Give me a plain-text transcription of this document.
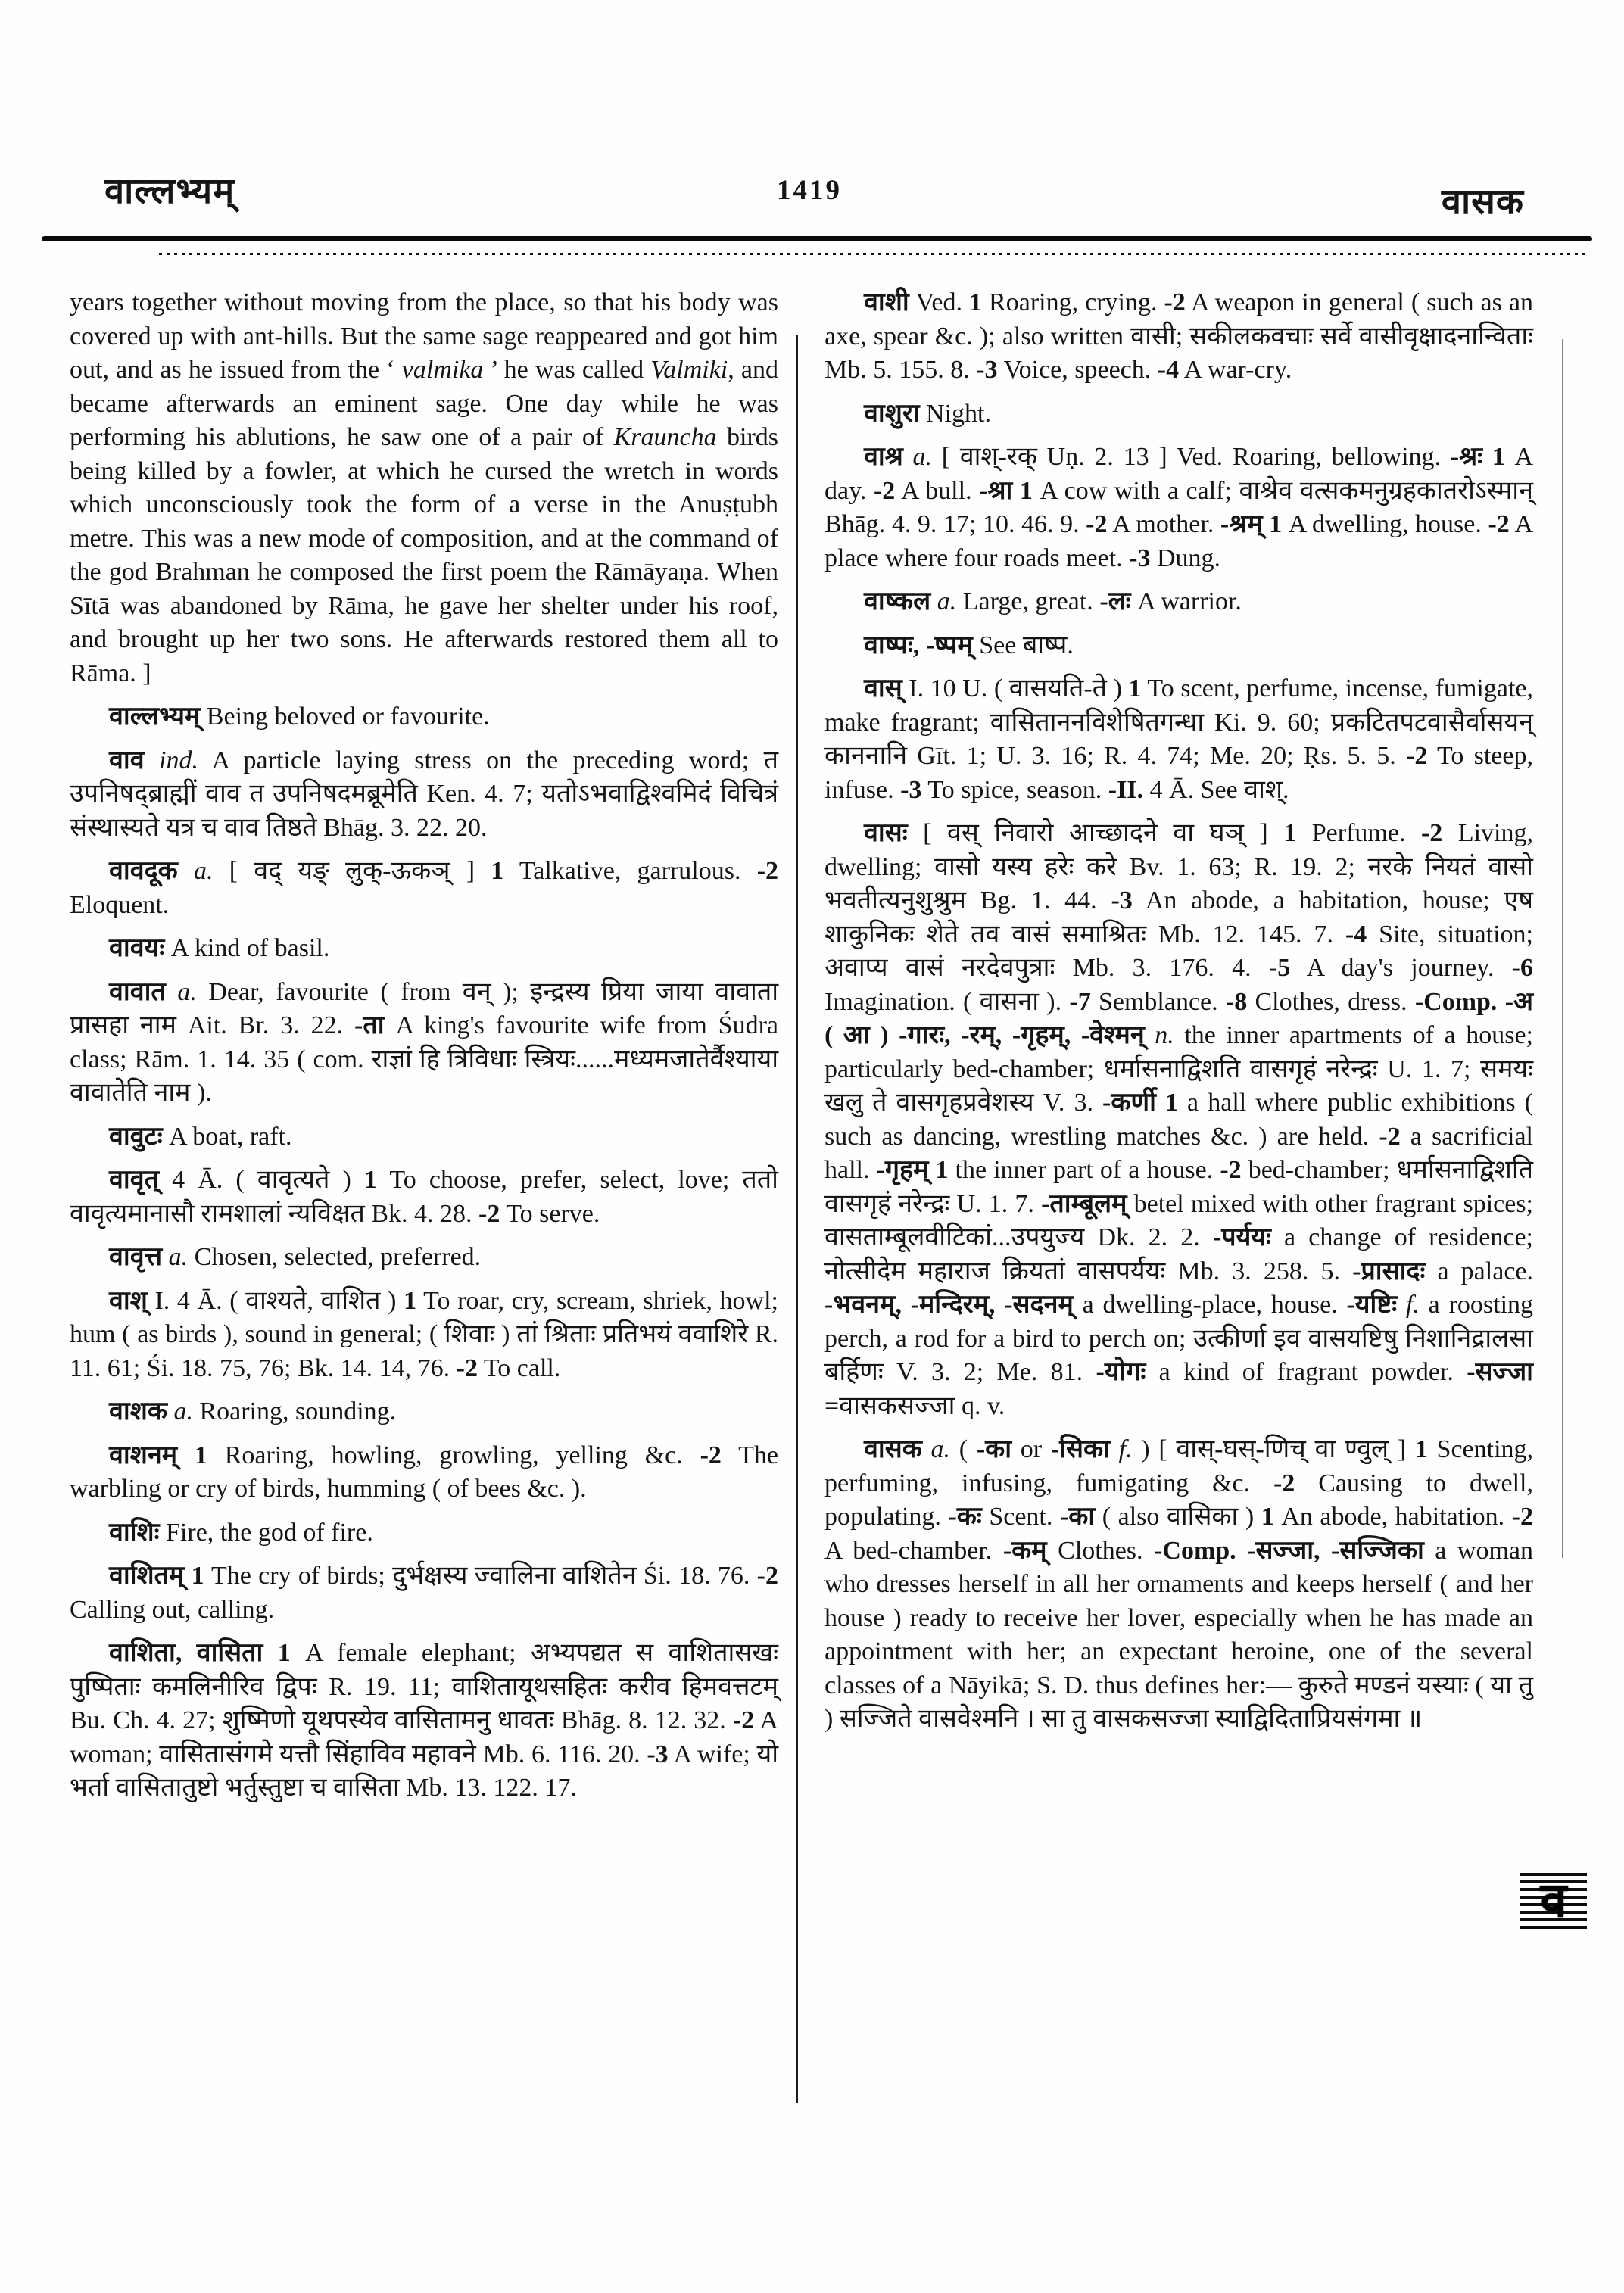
वाल्लभ्यम्	1419	वासक

years together without moving from the place, so that his body was covered up with ant-hills. But the same sage reappeared and got him out, and as he issued from the ‘ valmika ’ he was called Valmiki, and became afterwards an eminent sage. One day while he was performing his ablutions, he saw one of a pair of Krauncha birds being killed by a fowler, at which he cursed the wretch in words which unconsciously took the form of a verse in the Anuṣṭubh metre. This was a new mode of composition, and at the command of the god Brahman he composed the first poem the Rāmāyaṇa. When Sītā was abandoned by Rāma, he gave her shelter under his roof, and brought up her two sons. He afterwards restored them all to Rāma. ]

वाल्लभ्यम् Being beloved or favourite.

वाव ind. A particle laying stress on the preceding word; त उपनिषद्ब्राह्मीं वाव त उपनिषदमब्रूमेति Ken. 4. 7; यतोऽभवाद्विश्वमिदं विचित्रं संस्थास्यते यत्र च वाव तिष्ठते Bhāg. 3. 22. 20.

वावदूक a. [ वद् यङ् लुक्-ऊकञ् ] 1 Talkative, garrulous. -2 Eloquent.

वावयः A kind of basil.

वावात a. Dear, favourite ( from वन् ); इन्द्रस्य प्रिया जाया वावाता प्रासहा नाम Ait. Br. 3. 22. -ता A king's favourite wife from Śudra class; Rām. 1. 14. 35 ( com. राज्ञां हि त्रिविधाः स्त्रियः......मध्यमजातेर्वैश्याया वावातेति नाम ).

वावुटः A boat, raft.

वावृत् 4 Ā. ( वावृत्यते ) 1 To choose, prefer, select, love; ततो वावृत्यमानासौ रामशालां न्यविक्षत Bk. 4. 28. -2 To serve.

वावृत्त a. Chosen, selected, preferred.

वाश् I. 4 Ā. ( वाश्यते, वाशित ) 1 To roar, cry, scream, shriek, howl; hum ( as birds ), sound in general; ( शिवाः ) तां श्रिताः प्रतिभयं ववाशिरे R. 11. 61; Śi. 18. 75, 76; Bk. 14. 14, 76. -2 To call.

वाशक a. Roaring, sounding.

वाशनम् 1 Roaring, howling, growling, yelling &c. -2 The warbling or cry of birds, humming ( of bees &c. ).

वाशिः Fire, the god of fire.

वाशितम् 1 The cry of birds; दुर्भक्षस्य ज्वालिना वाशितेन Śi. 18. 76. -2 Calling out, calling.

वाशिता, वासिता 1 A female elephant; अभ्यपद्यत स वाशितासखः पुष्पिताः कमलिनीरिव द्विपः R. 19. 11; वाशितायूथसहितः करीव हिमवत्तटम् Bu. Ch. 4. 27; शुष्मिणो यूथपस्येव वासितामनु धावतः Bhāg. 8. 12. 32. -2 A woman; वासितासंगमे यत्तौ सिंहाविव महावने Mb. 6. 116. 20. -3 A wife; यो भर्ता वासितातुष्टो भर्तुस्तुष्टा च वासिता Mb. 13. 122. 17.

वाशी Ved. 1 Roaring, crying. -2 A weapon in general ( such as an axe, spear &c. ); also written वासी; सकीलकवचाः सर्वे वासीवृक्षादनान्विताः Mb. 5. 155. 8. -3 Voice, speech. -4 A war-cry.

वाशुरा Night.

वाश्र a. [ वाश्-रक् Uṇ. 2. 13 ] Ved. Roaring, bellowing. -श्रः 1 A day. -2 A bull. -श्रा 1 A cow with a calf; वाश्रेव वत्सकमनुग्रहकातरोऽस्मान् Bhāg. 4. 9. 17; 10. 46. 9. -2 A mother. -श्रम् 1 A dwelling, house. -2 A place where four roads meet. -3 Dung.

वाष्कल a. Large, great. -लः A warrior.

वाष्पः, -ष्पम् See बाष्प.

वास् I. 10 U. ( वासयति-ते ) 1 To scent, perfume, incense, fumigate, make fragrant; वासिताननविशेषितगन्धा Ki. 9. 60; प्रकटितपटवासैर्वासयन् काननानि Gīt. 1; U. 3. 16; R. 4. 74; Me. 20; Ṛs. 5. 5. -2 To steep, infuse. -3 To spice, season. -II. 4 Ā. See वाश्.

वासः [ वस् निवारो आच्छादने वा घञ् ] 1 Perfume. -2 Living, dwelling; वासो यस्य हरेः करे Bv. 1. 63; R. 19. 2; नरके नियतं वासो भवतीत्यनुशुश्रुम Bg. 1. 44. -3 An abode, a habitation, house; एष शाकुनिकः शेते तव वासं समाश्रितः Mb. 12. 145. 7. -4 Site, situation; अवाप्य वासं नरदेवपुत्राः Mb. 3. 176. 4. -5 A day's journey. -6 Imagination. ( वासना ). -7 Semblance. -8 Clothes, dress. -Comp. -अ ( आ ) -गारः, -रम्, -गृहम्, -वेश्मन् n. the inner apartments of a house; particularly bed-chamber; धर्मासनाद्विशति वासगृहं नरेन्द्रः U. 1. 7; समयः खलु ते वासगृहप्रवेशस्य V. 3. -कर्णी 1 a hall where public exhibitions ( such as dancing, wrestling matches &c. ) are held. -2 a sacrificial hall. -गृहम् 1 the inner part of a house. -2 bed-chamber; धर्मासनाद्विशति वासगृहं नरेन्द्रः U. 1. 7. -ताम्बूलम् betel mixed with other fragrant spices; वासताम्बूलवीटिकां...उपयुज्य Dk. 2. 2. -पर्ययः a change of residence; नोत्सीदेम महाराज क्रियतां वासपर्ययः Mb. 3. 258. 5. -प्रासादः a palace. -भवनम्, -मन्दिरम्, -सदनम् a dwelling-place, house. -यष्टिः f. a roosting perch, a rod for a bird to perch on; उत्कीर्णा इव वासयष्टिषु निशानिद्रालसा बर्हिणः V. 3. 2; Me. 81. -योगः a kind of fragrant powder. -सज्जा =वासकसज्जा q. v.

वासक a. ( -का or -सिका f. ) [ वास्-घस्-णिच् वा ण्वुल् ] 1 Scenting, perfuming, infusing, fumigating &c. -2 Causing to dwell, populating. -कः Scent. -का ( also वासिका ) 1 An abode, habitation. -2 A bed-chamber. -कम् Clothes. -Comp. -सज्जा, -सज्जिका a woman who dresses herself in all her ornaments and keeps herself ( and her house ) ready to receive her lover, especially when he has made an appointment with her; an expectant heroine, one of the several classes of a Nāyikā; S. D. thus defines her:— कुरुते मण्डनं यस्याः ( या तु ) सज्जिते वासवेश्मनि । सा तु वासकसज्जा स्याद्विदिताप्रियसंगमा ॥

व
